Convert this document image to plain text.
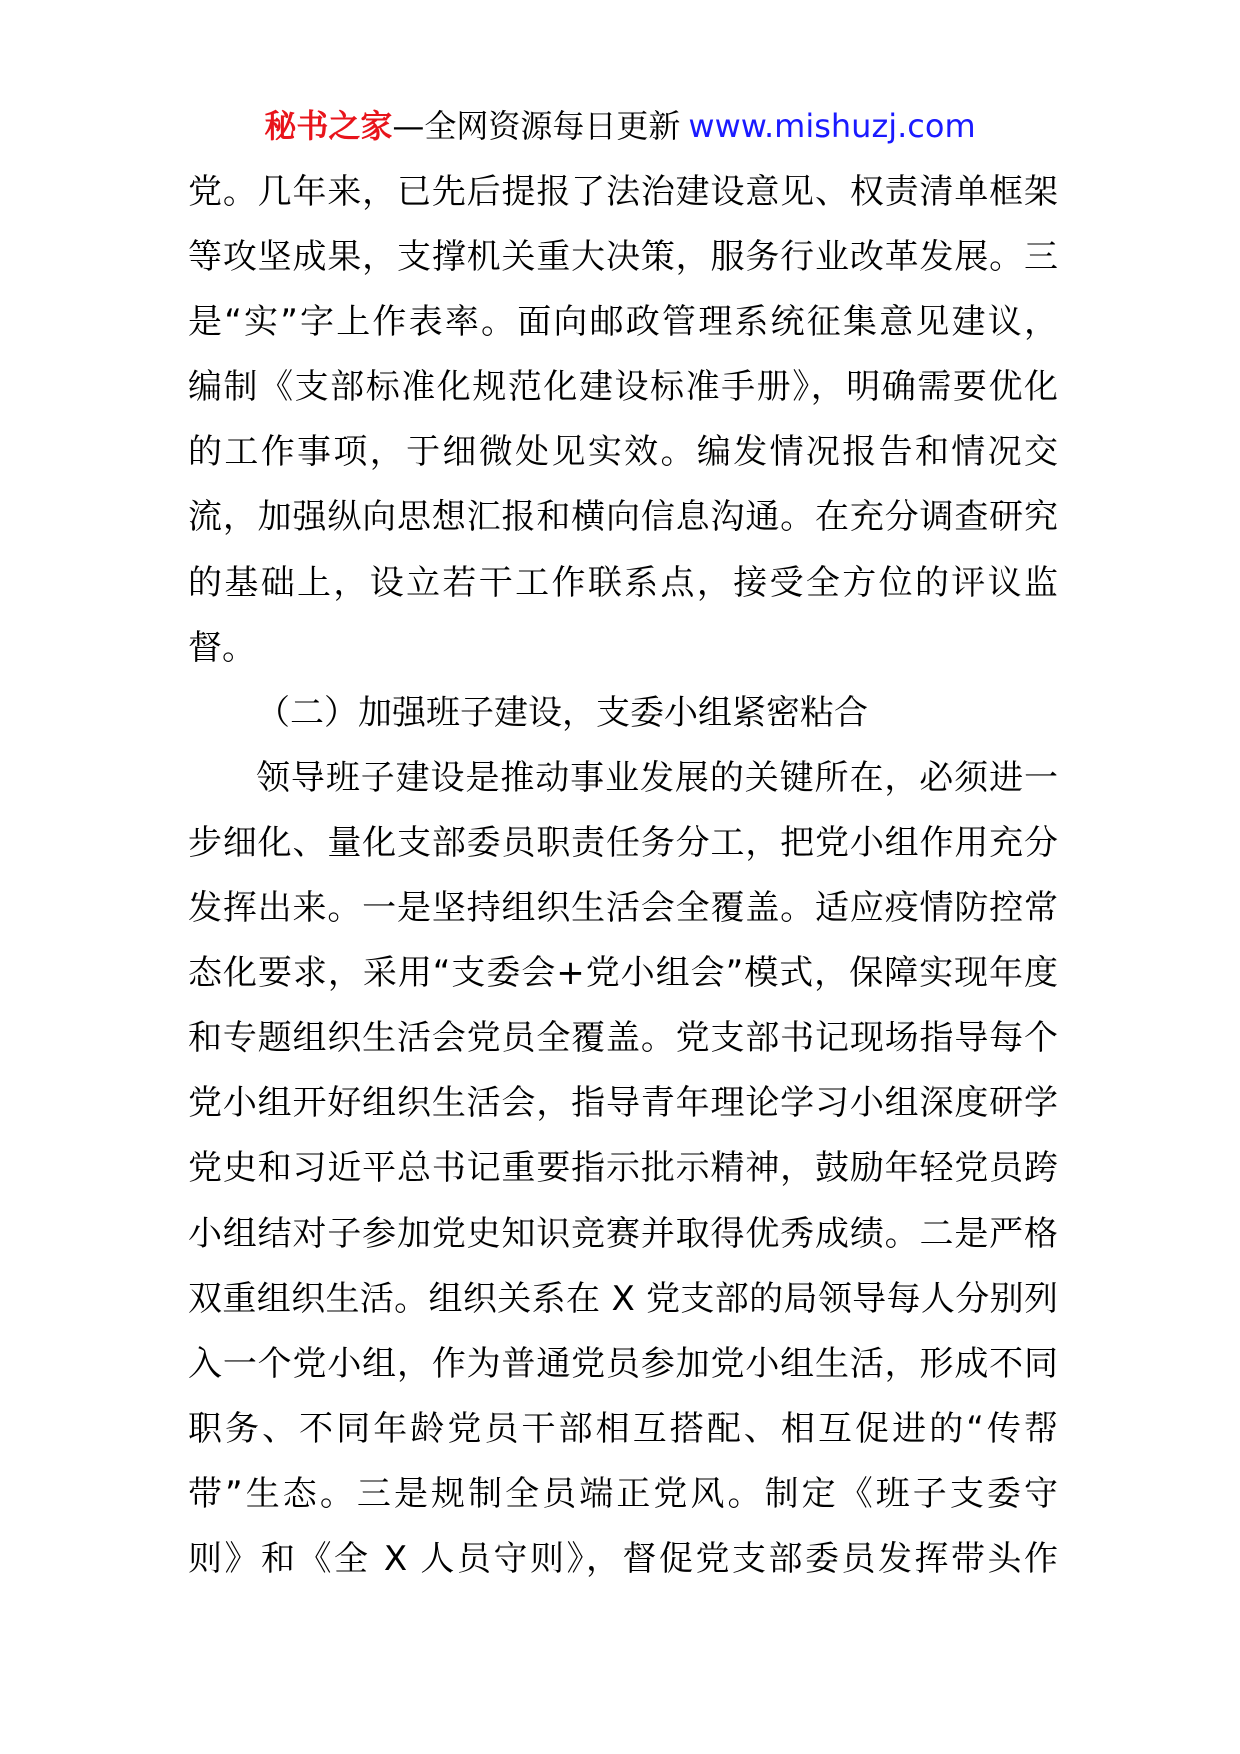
秘书之家—全网资源每日更新 www.mishuzj.com
党。几年来，已先后提报了法治建设意见、权责清单框架
等攻坚成果，支撑机关重大决策，服务行业改革发展。三
是“实”字上作表率。面向邮政管理系统征集意见建议，
编制《支部标准化规范化建设标准手册》，明确需要优化
的工作事项，于细微处见实效。编发情况报告和情况交
流，加强纵向思想汇报和横向信息沟通。在充分调查研究
的基础上，设立若干工作联系点，接受全方位的评议监
督。
（二）加强班子建设，支委小组紧密粘合
领导班子建设是推动事业发展的关键所在，必须进一
步细化、量化支部委员职责任务分工，把党小组作用充分
发挥出来。一是坚持组织生活会全覆盖。适应疫情防控常
态化要求，采用“支委会+党小组会”模式，保障实现年度
和专题组织生活会党员全覆盖。党支部书记现场指导每个
党小组开好组织生活会，指导青年理论学习小组深度研学
党史和习近平总书记重要指示批示精神，鼓励年轻党员跨
小组结对子参加党史知识竞赛并取得优秀成绩。二是严格
双重组织生活。组织关系在 X 党支部的局领导每人分别列
入一个党小组，作为普通党员参加党小组生活，形成不同
职务、不同年龄党员干部相互搭配、相互促进的“传帮
带”生态。三是规制全员端正党风。制定《班子支委守
则》和《全 X 人员守则》，督促党支部委员发挥带头作
